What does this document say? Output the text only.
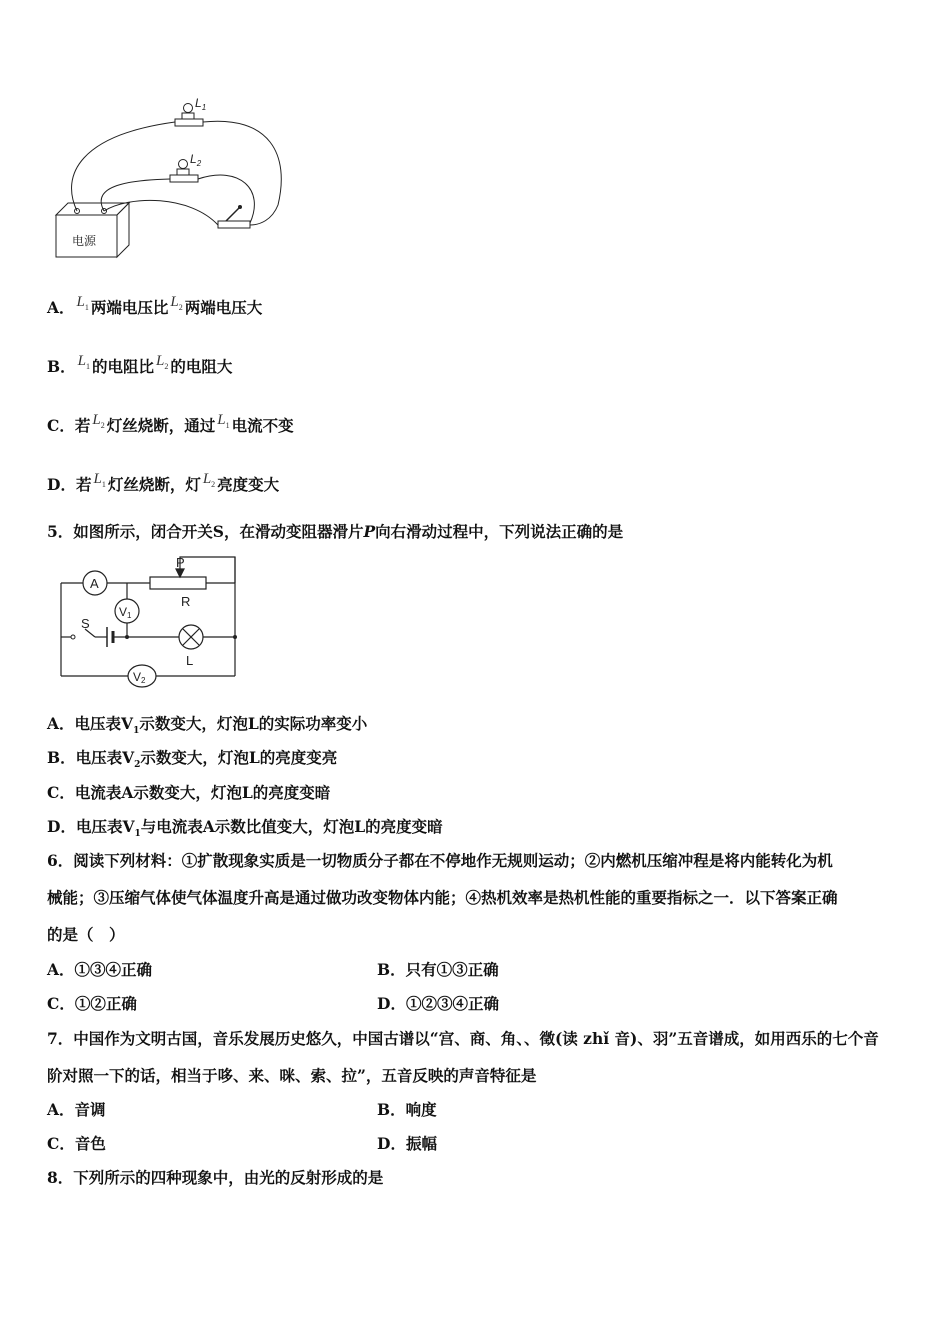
电源
$L_1$
$L_2$
A． $L_1$ 两端电压比 $L_2$ 两端电压大
B． $L_1$ 的电阻比 $L_2$ 的电阻大
C．若 $L_2$ 灯丝烧断，通过 $L_1$ 电流不变
D．若 $L_1$ 灯丝烧断，灯 $L_2$ 亮度变大
5．如图所示，闭合开关S，在滑动变阻器滑片P向右滑动过程中，下列说法正确的是
A
V1
V2
P
R
S
L
A．电压表$V_1$示数变大，灯泡L的实际功率变小
B．电压表$V_2$示数变大，灯泡L的亮度变亮
C．电流表A示数变大，灯泡L的亮度变暗
D．电压表$V_1$与电流表A示数比值变大，灯泡L的亮度变暗
6．阅读下列材料：①扩散现象实质是一切物质分子都在不停地作无规则运动；②内燃机压缩冲程是将内能转化为机
械能；③压缩气体使气体温度升高是通过做功改变物体内能；④热机效率是热机性能的重要指标之一．以下答案正确
的是（　）
A．①③④正确	B．只有①③正确
C．①②正确	D．①②③④正确
7．中国作为文明古国，音乐发展历史悠久，中国古谱以“宫、商、角、、徵(读 zhǐ 音)、羽”五音谱成，如用西乐的七个音
阶对照一下的话，相当于哆、来、咪、索、拉”，五音反映的声音特征是
A．音调	B．响度
C．音色	D．振幅
8．下列所示的四种现象中，由光的反射形成的是
